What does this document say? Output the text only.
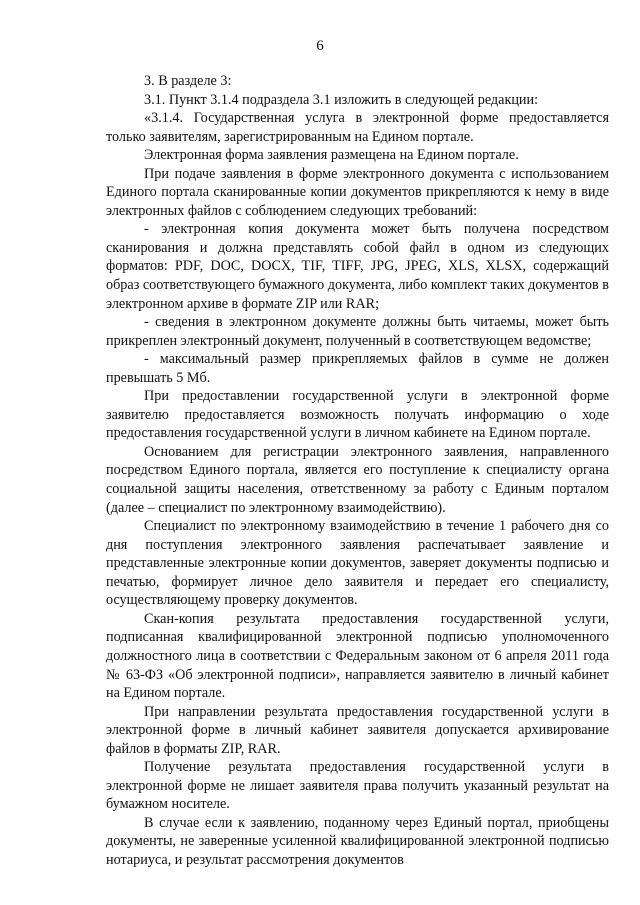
6

3. В разделе 3:

3.1. Пункт 3.1.4 подраздела 3.1 изложить в следующей редакции:

«3.1.4. Государственная услуга в электронной форме предоставляется только заявителям, зарегистрированным на Едином портале.

Электронная форма заявления размещена на Едином портале.

При подаче заявления в форме электронного документа с использованием Единого портала сканированные копии документов прикрепляются к нему в виде электронных файлов с соблюдением следующих требований:

- электронная копия документа может быть получена посредством сканирования и должна представлять собой файл в одном из следующих форматов: PDF, DOC, DOCX, TIF, TIFF, JPG, JPEG, XLS, XLSX, содержащий образ соответствующего бумажного документа, либо комплект таких документов в электронном архиве в формате ZIP или RAR;

- сведения в электронном документе должны быть читаемы, может быть прикреплен электронный документ, полученный в соответствующем ведомстве;

- максимальный размер прикрепляемых файлов в сумме не должен превышать 5 Мб.

При предоставлении государственной услуги в электронной форме заявителю предоставляется возможность получать информацию о ходе предоставления государственной услуги в личном кабинете на Едином портале.

Основанием для регистрации электронного заявления, направленного посредством Единого портала, является его поступление к специалисту органа социальной защиты населения, ответственному за работу с Единым порталом (далее – специалист по электронному взаимодействию).

Специалист по электронному взаимодействию в течение 1 рабочего дня со дня поступления электронного заявления распечатывает заявление и представленные электронные копии документов, заверяет документы подписью и печатью, формирует личное дело заявителя и передает его специалисту, осуществляющему проверку документов.

Скан-копия результата предоставления государственной услуги, подписанная квалифицированной электронной подписью уполномоченного должностного лица в соответствии с Федеральным законом от 6 апреля 2011 года № 63-ФЗ «Об электронной подписи», направляется заявителю в личный кабинет на Едином портале.

При направлении результата предоставления государственной услуги в электронной форме в личный кабинет заявителя допускается архивирование файлов в форматы ZIP, RAR.

Получение результата предоставления государственной услуги в электронной форме не лишает заявителя права получить указанный результат на бумажном носителе.

В случае если к заявлению, поданному через Единый портал, приобщены документы, не заверенные усиленной квалифицированной электронной подписью нотариуса, и результат рассмотрения документов
